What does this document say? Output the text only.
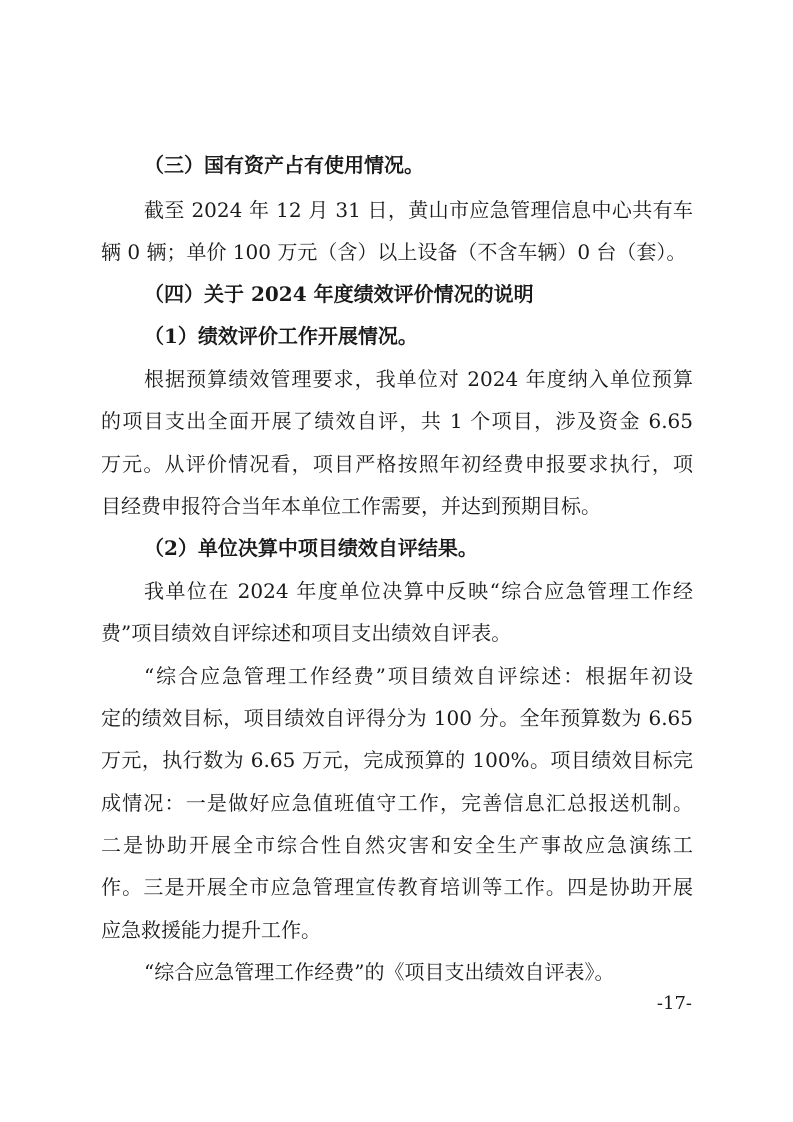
（三）国有资产占有使用情况。
截至 2024 年 12 月 31 日，黄山市应急管理信息中心共有车
辆 0 辆；单价 100 万元（含）以上设备（不含车辆）0 台（套）。
（四）关于 2024 年度绩效评价情况的说明
（1）绩效评价工作开展情况。
根据预算绩效管理要求，我单位对 2024 年度纳入单位预算
的项目支出全面开展了绩效自评，共 1 个项目，涉及资金 6.65
万元。从评价情况看，项目严格按照年初经费申报要求执行，项
目经费申报符合当年本单位工作需要，并达到预期目标。
（2）单位决算中项目绩效自评结果。
我单位在 2024 年度单位决算中反映“综合应急管理工作经
费”项目绩效自评综述和项目支出绩效自评表。
“综合应急管理工作经费”项目绩效自评综述：根据年初设
定的绩效目标，项目绩效自评得分为 100 分。全年预算数为 6.65
万元，执行数为 6.65 万元，完成预算的 100%。项目绩效目标完
成情况：一是做好应急值班值守工作，完善信息汇总报送机制。
二是协助开展全市综合性自然灾害和安全生产事故应急演练工
作。三是开展全市应急管理宣传教育培训等工作。四是协助开展
应急救援能力提升工作。
“综合应急管理工作经费”的《项目支出绩效自评表》。
-17-
